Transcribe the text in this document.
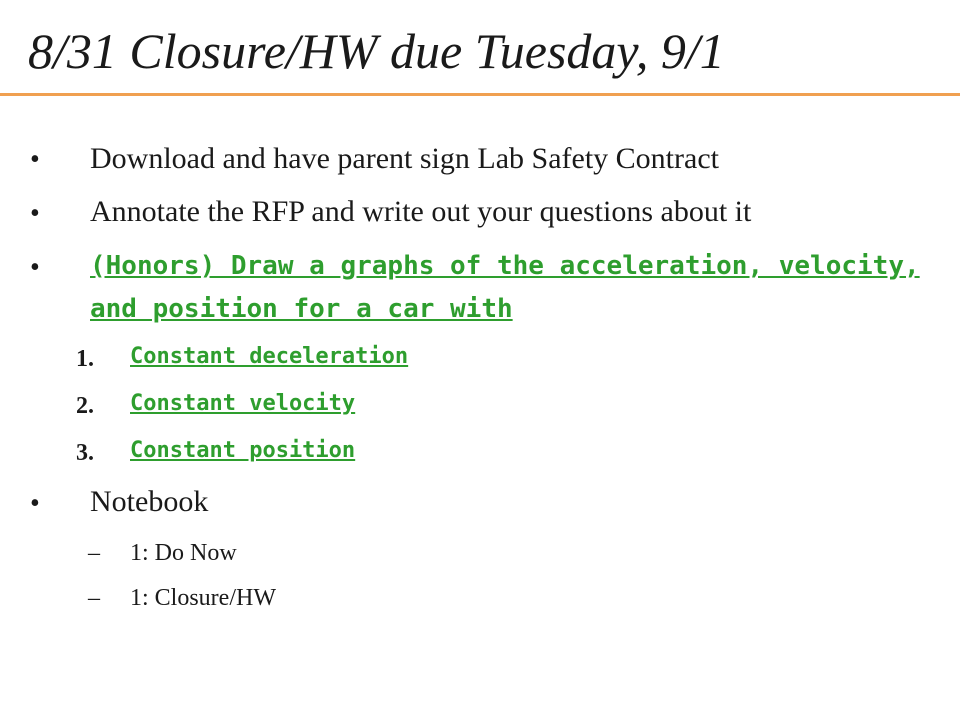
8/31 Closure/HW due Tuesday, 9/1
• Download and have parent sign Lab Safety Contract
• Annotate the RFP and write out your questions about it
• (Honors) Draw a graphs of the acceleration, velocity, and position for a car with
1. Constant deceleration
2. Constant velocity
3. Constant position
• Notebook
– 1: Do Now
– 1: Closure/HW
